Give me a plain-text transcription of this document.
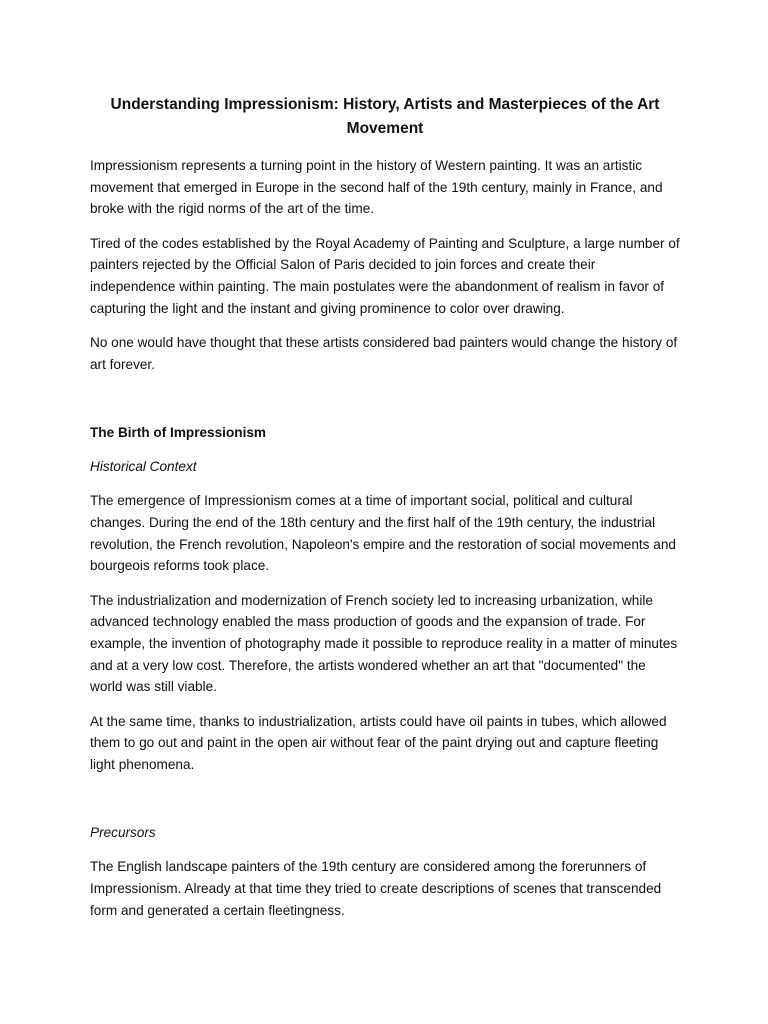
Understanding Impressionism: History, Artists and Masterpieces of the Art Movement

Impressionism represents a turning point in the history of Western painting. It was an artistic movement that emerged in Europe in the second half of the 19th century, mainly in France, and broke with the rigid norms of the art of the time.

Tired of the codes established by the Royal Academy of Painting and Sculpture, a large number of painters rejected by the Official Salon of Paris decided to join forces and create their independence within painting. The main postulates were the abandonment of realism in favor of capturing the light and the instant and giving prominence to color over drawing.

No one would have thought that these artists considered bad painters would change the history of art forever.

The Birth of Impressionism
Historical Context

The emergence of Impressionism comes at a time of important social, political and cultural changes. During the end of the 18th century and the first half of the 19th century, the industrial revolution, the French revolution, Napoleon's empire and the restoration of social movements and bourgeois reforms took place.

The industrialization and modernization of French society led to increasing urbanization, while advanced technology enabled the mass production of goods and the expansion of trade. For example, the invention of photography made it possible to reproduce reality in a matter of minutes and at a very low cost. Therefore, the artists wondered whether an art that "documented" the world was still viable.

At the same time, thanks to industrialization, artists could have oil paints in tubes, which allowed them to go out and paint in the open air without fear of the paint drying out and capture fleeting light phenomena.

Precursors

The English landscape painters of the 19th century are considered among the forerunners of Impressionism. Already at that time they tried to create descriptions of scenes that transcended form and generated a certain fleetingness.
